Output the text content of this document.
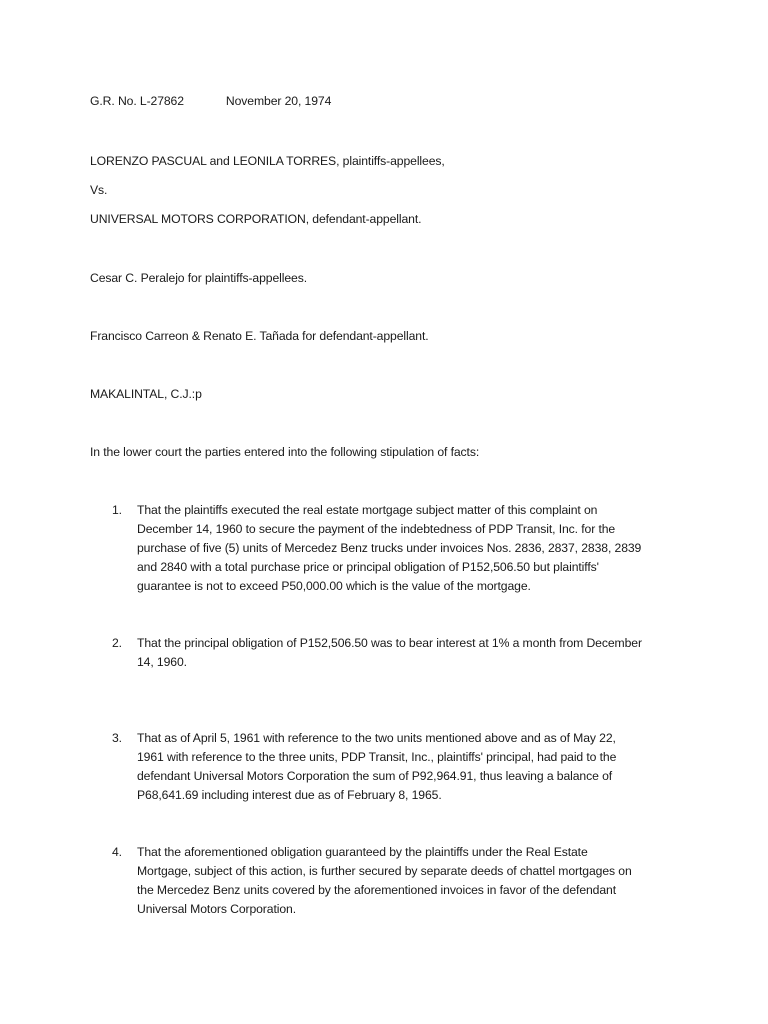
G.R. No. L-27862	November 20, 1974
LORENZO PASCUAL and LEONILA TORRES, plaintiffs-appellees,
Vs.
UNIVERSAL MOTORS CORPORATION, defendant-appellant.
Cesar C. Peralejo for plaintiffs-appellees.
Francisco Carreon & Renato E. Tañada for defendant-appellant.
MAKALINTAL, C.J.:p
In the lower court the parties entered into the following stipulation of facts:
1.	That the plaintiffs executed the real estate mortgage subject matter of this complaint on
December 14, 1960 to secure the payment of the indebtedness of PDP Transit, Inc. for the
purchase of five (5) units of Mercedez Benz trucks under invoices Nos. 2836, 2837, 2838, 2839
and 2840 with a total purchase price or principal obligation of P152,506.50 but plaintiffs'
guarantee is not to exceed P50,000.00 which is the value of the mortgage.
2.	That the principal obligation of P152,506.50 was to bear interest at 1% a month from December
14, 1960.
3.	That as of April 5, 1961 with reference to the two units mentioned above and as of May 22,
1961 with reference to the three units, PDP Transit, Inc., plaintiffs' principal, had paid to the
defendant Universal Motors Corporation the sum of P92,964.91, thus leaving a balance of
P68,641.69 including interest due as of February 8, 1965.
4.	That the aforementioned obligation guaranteed by the plaintiffs under the Real Estate
Mortgage, subject of this action, is further secured by separate deeds of chattel mortgages on
the Mercedez Benz units covered by the aforementioned invoices in favor of the defendant
Universal Motors Corporation.
